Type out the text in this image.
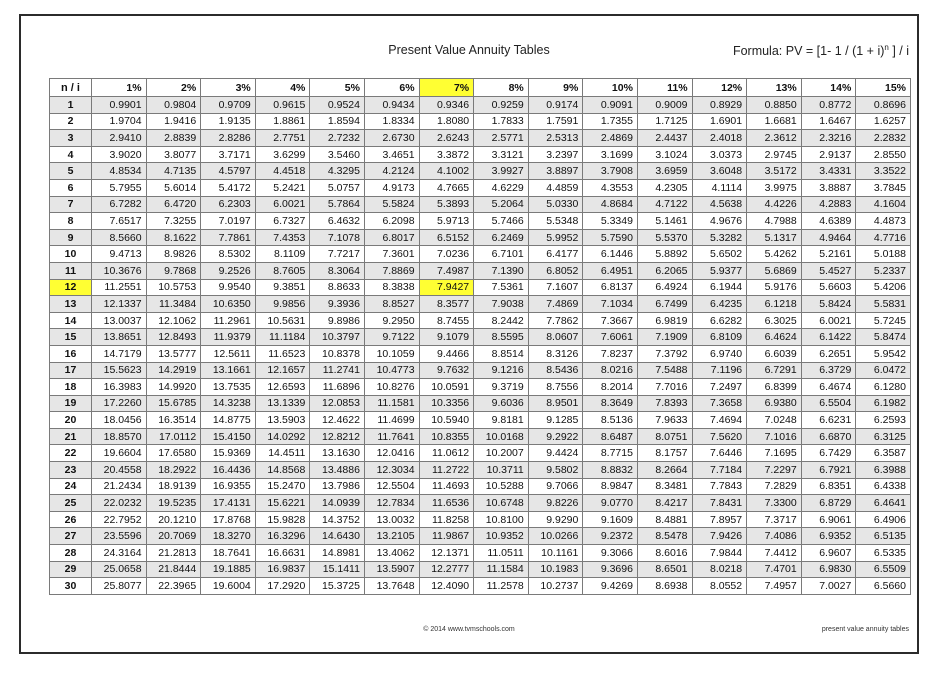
Present Value Annuity Tables	Formula: PV = [1- $1 / (1 + i)^n$ ] / i
n / i	1%	2%	3%	4%	5%	6%	7%	8%	9%	10%	11%	12%	13%	14%	15%
1	0.9901	0.9804	0.9709	0.9615	0.9524	0.9434	0.9346	0.9259	0.9174	0.9091	0.9009	0.8929	0.8850	0.8772	0.8696
2	1.9704	1.9416	1.9135	1.8861	1.8594	1.8334	1.8080	1.7833	1.7591	1.7355	1.7125	1.6901	1.6681	1.6467	1.6257
3	2.9410	2.8839	2.8286	2.7751	2.7232	2.6730	2.6243	2.5771	2.5313	2.4869	2.4437	2.4018	2.3612	2.3216	2.2832
4	3.9020	3.8077	3.7171	3.6299	3.5460	3.4651	3.3872	3.3121	3.2397	3.1699	3.1024	3.0373	2.9745	2.9137	2.8550
5	4.8534	4.7135	4.5797	4.4518	4.3295	4.2124	4.1002	3.9927	3.8897	3.7908	3.6959	3.6048	3.5172	3.4331	3.3522
6	5.7955	5.6014	5.4172	5.2421	5.0757	4.9173	4.7665	4.6229	4.4859	4.3553	4.2305	4.1114	3.9975	3.8887	3.7845
7	6.7282	6.4720	6.2303	6.0021	5.7864	5.5824	5.3893	5.2064	5.0330	4.8684	4.7122	4.5638	4.4226	4.2883	4.1604
8	7.6517	7.3255	7.0197	6.7327	6.4632	6.2098	5.9713	5.7466	5.5348	5.3349	5.1461	4.9676	4.7988	4.6389	4.4873
9	8.5660	8.1622	7.7861	7.4353	7.1078	6.8017	6.5152	6.2469	5.9952	5.7590	5.5370	5.3282	5.1317	4.9464	4.7716
10	9.4713	8.9826	8.5302	8.1109	7.7217	7.3601	7.0236	6.7101	6.4177	6.1446	5.8892	5.6502	5.4262	5.2161	5.0188
11	10.3676	9.7868	9.2526	8.7605	8.3064	7.8869	7.4987	7.1390	6.8052	6.4951	6.2065	5.9377	5.6869	5.4527	5.2337
12	11.2551	10.5753	9.9540	9.3851	8.8633	8.3838	7.9427	7.5361	7.1607	6.8137	6.4924	6.1944	5.9176	5.6603	5.4206
13	12.1337	11.3484	10.6350	9.9856	9.3936	8.8527	8.3577	7.9038	7.4869	7.1034	6.7499	6.4235	6.1218	5.8424	5.5831
14	13.0037	12.1062	11.2961	10.5631	9.8986	9.2950	8.7455	8.2442	7.7862	7.3667	6.9819	6.6282	6.3025	6.0021	5.7245
15	13.8651	12.8493	11.9379	11.1184	10.3797	9.7122	9.1079	8.5595	8.0607	7.6061	7.1909	6.8109	6.4624	6.1422	5.8474
16	14.7179	13.5777	12.5611	11.6523	10.8378	10.1059	9.4466	8.8514	8.3126	7.8237	7.3792	6.9740	6.6039	6.2651	5.9542
17	15.5623	14.2919	13.1661	12.1657	11.2741	10.4773	9.7632	9.1216	8.5436	8.0216	7.5488	7.1196	6.7291	6.3729	6.0472
18	16.3983	14.9920	13.7535	12.6593	11.6896	10.8276	10.0591	9.3719	8.7556	8.2014	7.7016	7.2497	6.8399	6.4674	6.1280
19	17.2260	15.6785	14.3238	13.1339	12.0853	11.1581	10.3356	9.6036	8.9501	8.3649	7.8393	7.3658	6.9380	6.5504	6.1982
20	18.0456	16.3514	14.8775	13.5903	12.4622	11.4699	10.5940	9.8181	9.1285	8.5136	7.9633	7.4694	7.0248	6.6231	6.2593
21	18.8570	17.0112	15.4150	14.0292	12.8212	11.7641	10.8355	10.0168	9.2922	8.6487	8.0751	7.5620	7.1016	6.6870	6.3125
22	19.6604	17.6580	15.9369	14.4511	13.1630	12.0416	11.0612	10.2007	9.4424	8.7715	8.1757	7.6446	7.1695	6.7429	6.3587
23	20.4558	18.2922	16.4436	14.8568	13.4886	12.3034	11.2722	10.3711	9.5802	8.8832	8.2664	7.7184	7.2297	6.7921	6.3988
24	21.2434	18.9139	16.9355	15.2470	13.7986	12.5504	11.4693	10.5288	9.7066	8.9847	8.3481	7.7843	7.2829	6.8351	6.4338
25	22.0232	19.5235	17.4131	15.6221	14.0939	12.7834	11.6536	10.6748	9.8226	9.0770	8.4217	7.8431	7.3300	6.8729	6.4641
26	22.7952	20.1210	17.8768	15.9828	14.3752	13.0032	11.8258	10.8100	9.9290	9.1609	8.4881	7.8957	7.3717	6.9061	6.4906
27	23.5596	20.7069	18.3270	16.3296	14.6430	13.2105	11.9867	10.9352	10.0266	9.2372	8.5478	7.9426	7.4086	6.9352	6.5135
28	24.3164	21.2813	18.7641	16.6631	14.8981	13.4062	12.1371	11.0511	10.1161	9.3066	8.6016	7.9844	7.4412	6.9607	6.5335
29	25.0658	21.8444	19.1885	16.9837	15.1411	13.5907	12.2777	11.1584	10.1983	9.3696	8.6501	8.0218	7.4701	6.9830	6.5509
30	25.8077	22.3965	19.6004	17.2920	15.3725	13.7648	12.4090	11.2578	10.2737	9.4269	8.6938	8.0552	7.4957	7.0027	6.5660
© 2014 www.tvmschools.com	present value annuity tables
